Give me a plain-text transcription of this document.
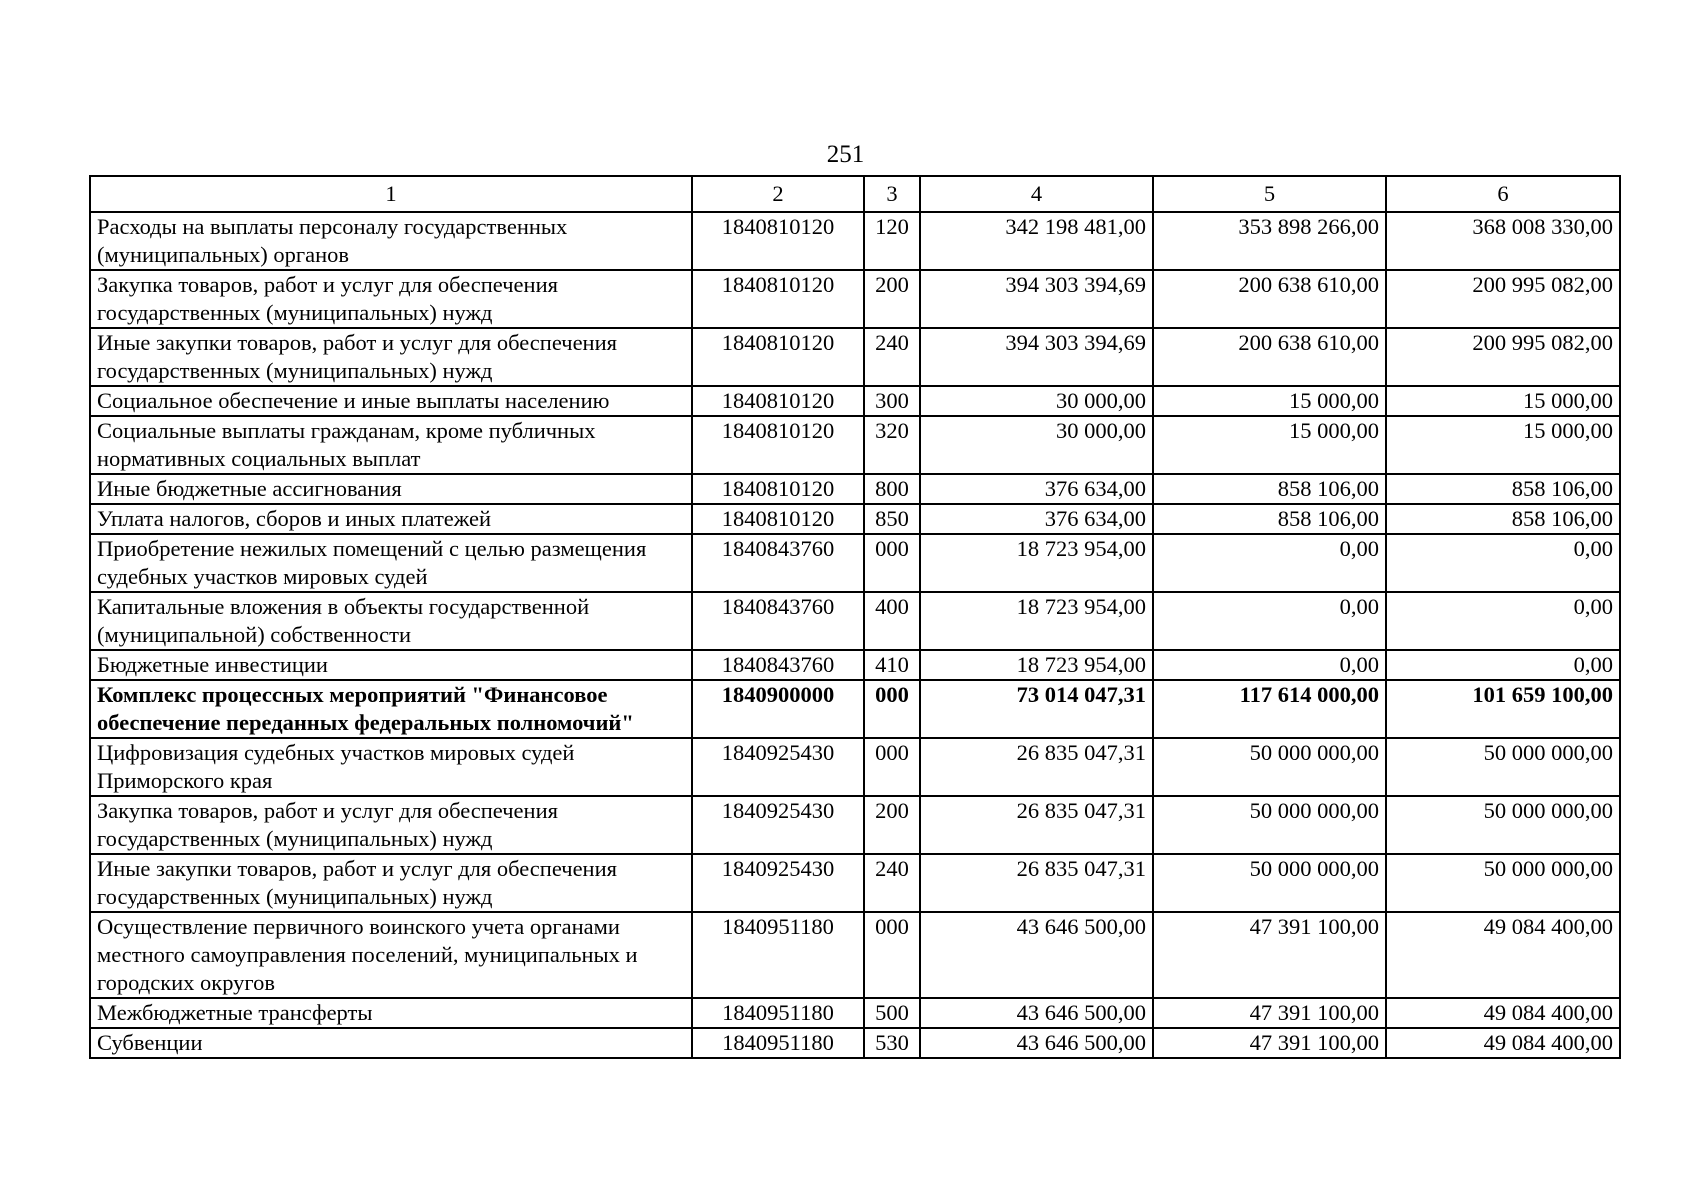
251
1	2	3	4	5	6
Расходы на выплаты персоналу государственных (муниципальных) органов	1840810120	120	342 198 481,00	353 898 266,00	368 008 330,00
Закупка товаров, работ и услуг для обеспечения государственных (муниципальных) нужд	1840810120	200	394 303 394,69	200 638 610,00	200 995 082,00
Иные закупки товаров, работ и услуг для обеспечения государственных (муниципальных) нужд	1840810120	240	394 303 394,69	200 638 610,00	200 995 082,00
Социальное обеспечение и иные выплаты населению	1840810120	300	30 000,00	15 000,00	15 000,00
Социальные выплаты гражданам, кроме публичных нормативных социальных выплат	1840810120	320	30 000,00	15 000,00	15 000,00
Иные бюджетные ассигнования	1840810120	800	376 634,00	858 106,00	858 106,00
Уплата налогов, сборов и иных платежей	1840810120	850	376 634,00	858 106,00	858 106,00
Приобретение нежилых помещений с целью размещения судебных участков мировых судей	1840843760	000	18 723 954,00	0,00	0,00
Капитальные вложения в объекты государственной (муниципальной) собственности	1840843760	400	18 723 954,00	0,00	0,00
Бюджетные инвестиции	1840843760	410	18 723 954,00	0,00	0,00
Комплекс процессных мероприятий "Финансовое обеспечение переданных федеральных полномочий"	1840900000	000	73 014 047,31	117 614 000,00	101 659 100,00
Цифровизация судебных участков мировых судей Приморского края	1840925430	000	26 835 047,31	50 000 000,00	50 000 000,00
Закупка товаров, работ и услуг для обеспечения государственных (муниципальных) нужд	1840925430	200	26 835 047,31	50 000 000,00	50 000 000,00
Иные закупки товаров, работ и услуг для обеспечения государственных (муниципальных) нужд	1840925430	240	26 835 047,31	50 000 000,00	50 000 000,00
Осуществление первичного воинского учета органами местного самоуправления поселений, муниципальных и городских округов	1840951180	000	43 646 500,00	47 391 100,00	49 084 400,00
Межбюджетные трансферты	1840951180	500	43 646 500,00	47 391 100,00	49 084 400,00
Субвенции	1840951180	530	43 646 500,00	47 391 100,00	49 084 400,00
